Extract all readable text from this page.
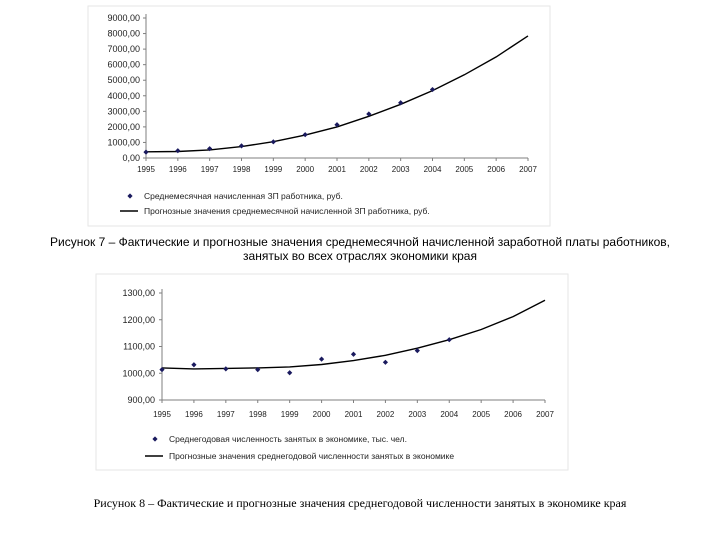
0,00
1000,00
2000,00
3000,00
4000,00
5000,00
6000,00
7000,00
8000,00
9000,00
1995 1996 1997 1998 1999 2000 2001 2002 2003 2004 2005 2006 2007
Среднемесячная начисленная ЗП работника, руб.
Прогнозные значения среднемесячной начисленной ЗП работника, руб.
900,00
1000,00
1100,00
1200,00
1300,00
1995 1996 1997 1998 1999 2000 2001 2002 2003 2004 2005 2006 2007
Среднегодовая численность занятых в экономике, тыс. чел.
Прогнозные значения среднегодовой численности занятых в экономике
Рисунок 7 – Фактические и прогнозные значения среднемесячной начисленной заработной платы работников,
занятых во всех отраслях экономики края
Рисунок 8 – Фактические и прогнозные значения среднегодовой численности занятых в экономике края
